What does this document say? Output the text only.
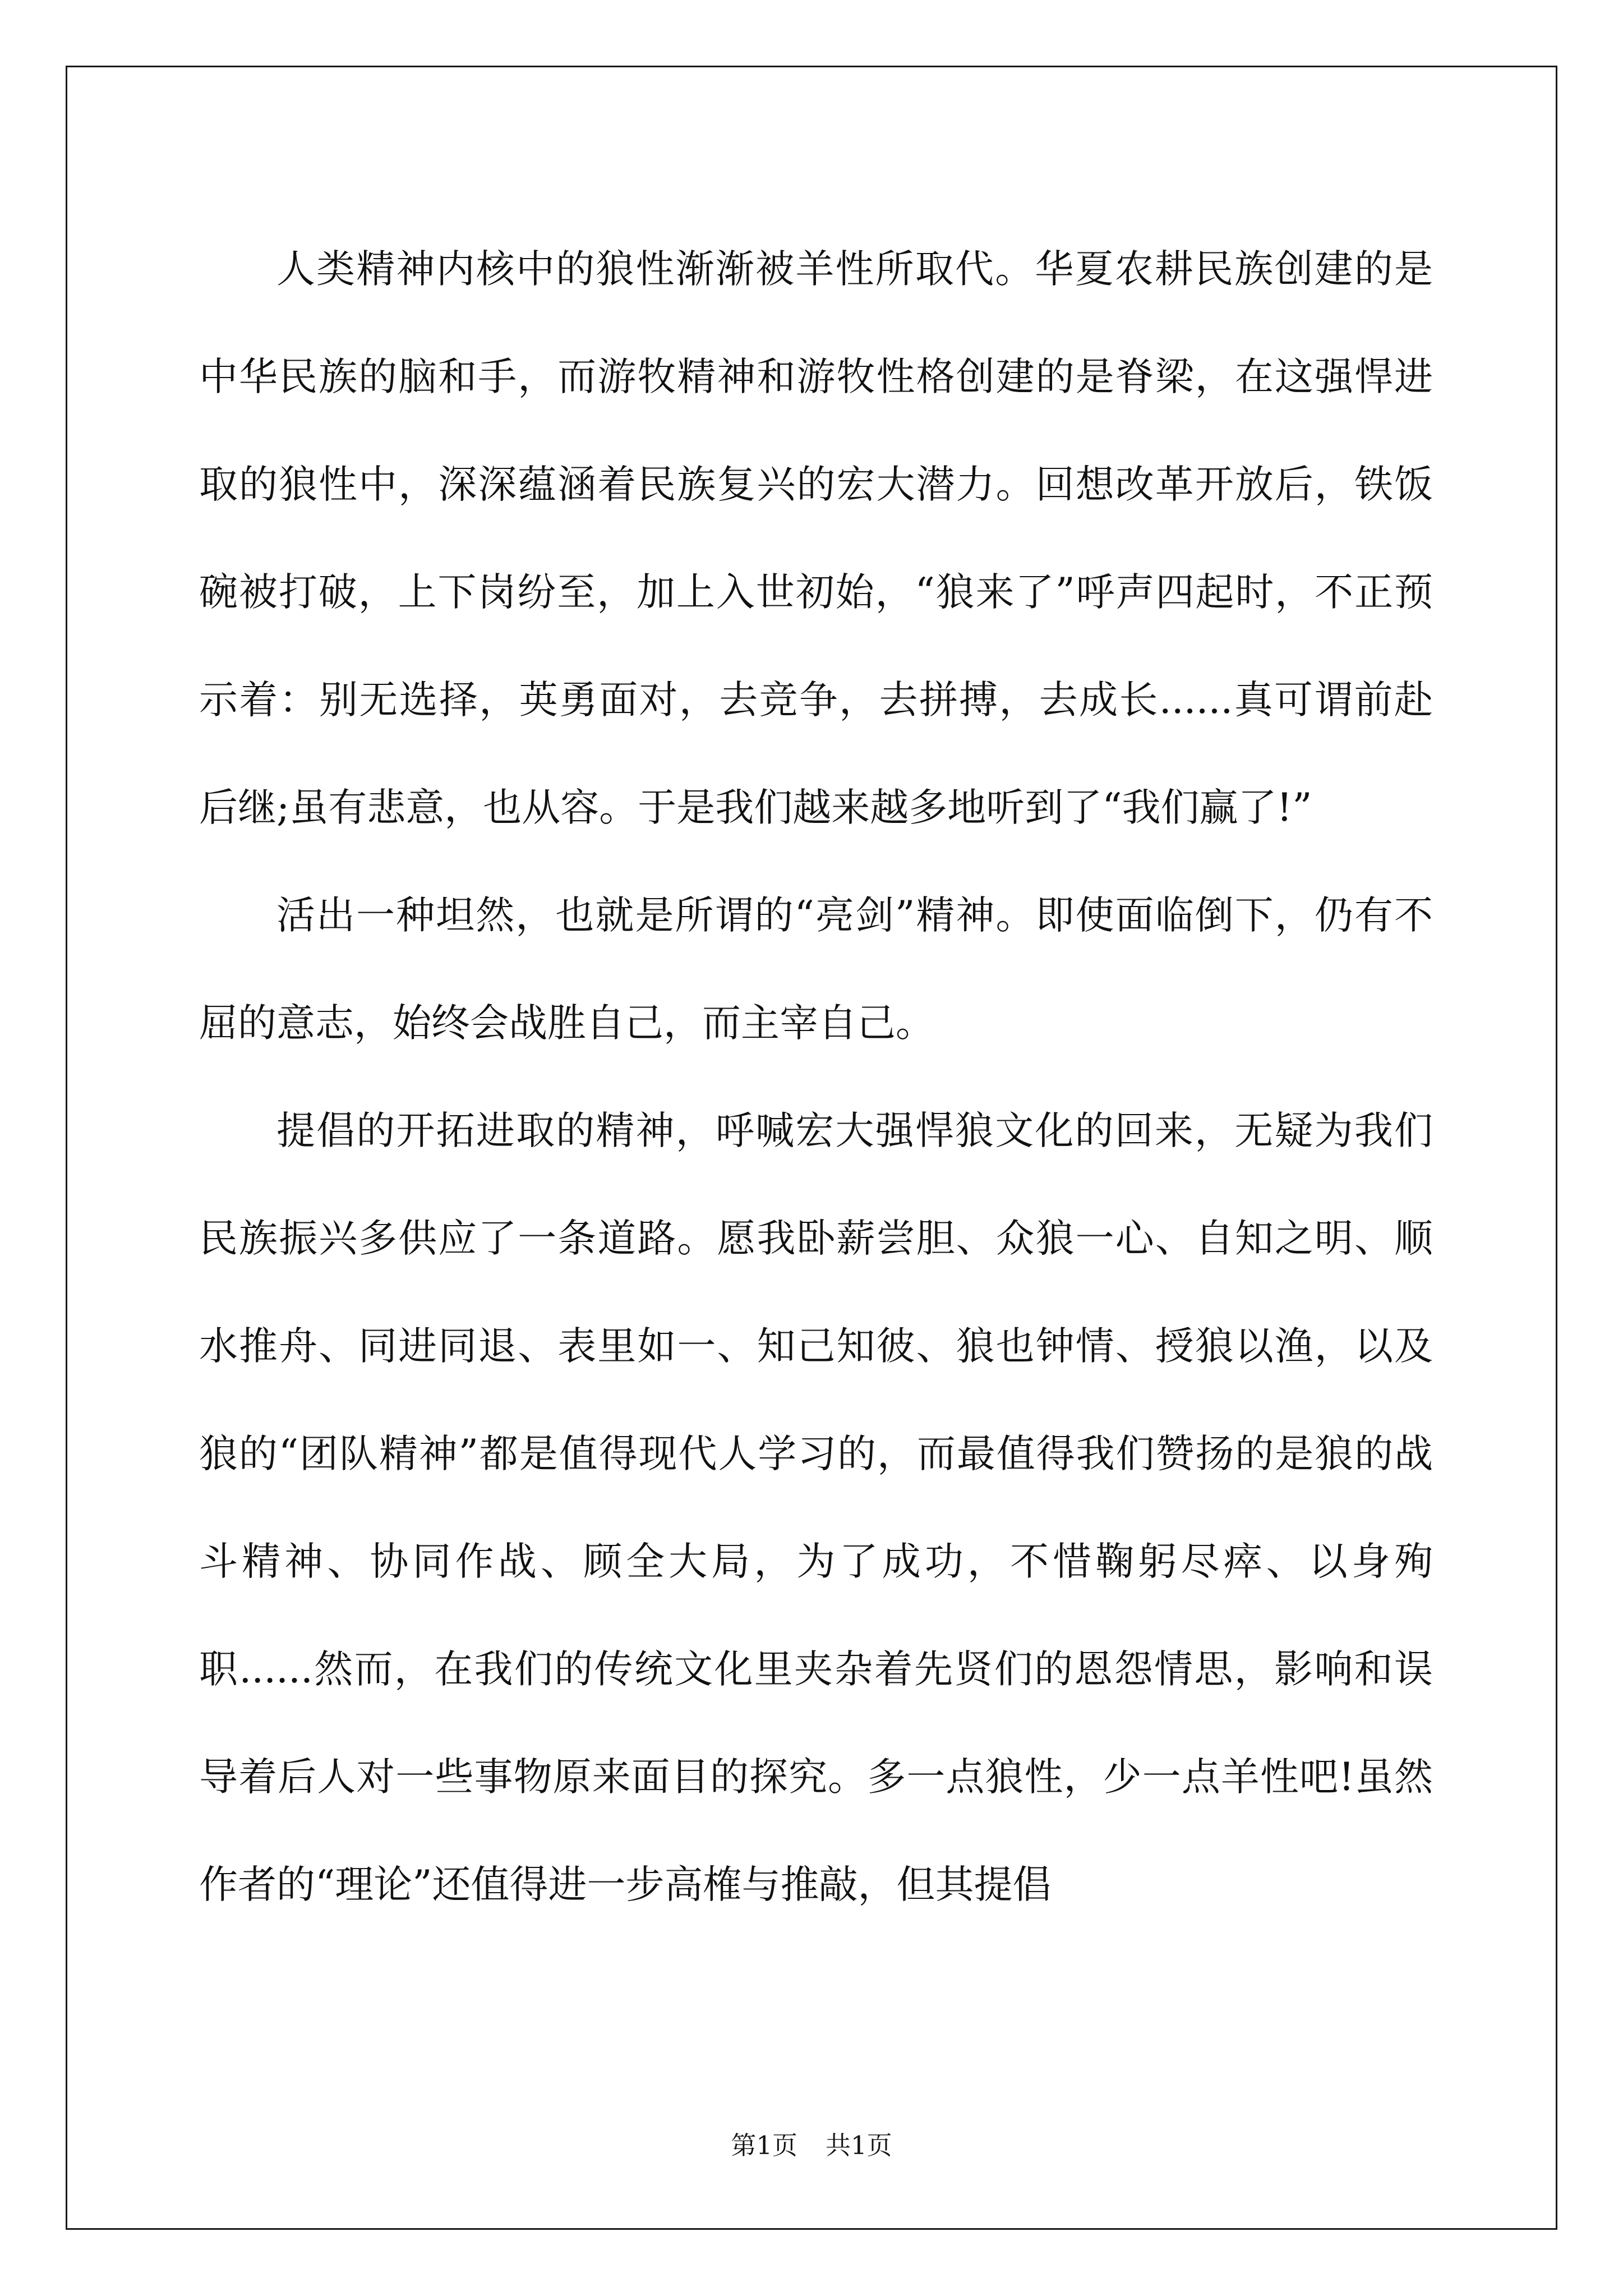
人类精神内核中的狼性渐渐被羊性所取代。华夏农耕民族创建的是中华民族的脑和手，而游牧精神和游牧性格创建的是脊梁，在这强悍进取的狼性中，深深蕴涵着民族复兴的宏大潜力。回想改革开放后，铁饭碗被打破，上下岗纷至，加上入世初始，“狼来了”呼声四起时，不正预示着：别无选择，英勇面对，去竞争，去拼搏，去成长......真可谓前赴后继;虽有悲意，也从容。于是我们越来越多地听到了“我们赢了!”

活出一种坦然，也就是所谓的“亮剑”精神。即使面临倒下，仍有不屈的意志，始终会战胜自己，而主宰自己。

提倡的开拓进取的精神，呼喊宏大强悍狼文化的回来，无疑为我们民族振兴多供应了一条道路。愿我卧薪尝胆、众狼一心、自知之明、顺水推舟、同进同退、表里如一、知己知彼、狼也钟情、授狼以渔，以及狼的“团队精神”都是值得现代人学习的，而最值得我们赞扬的是狼的战斗精神、协同作战、顾全大局，为了成功，不惜鞠躬尽瘁、以身殉职......然而，在我们的传统文化里夹杂着先贤们的恩怨情思，影响和误导着后人对一些事物原来面目的探究。多一点狼性，少一点羊性吧!虽然作者的“理论”还值得进一步高榷与推敲，但其提倡

第1页 共1页
